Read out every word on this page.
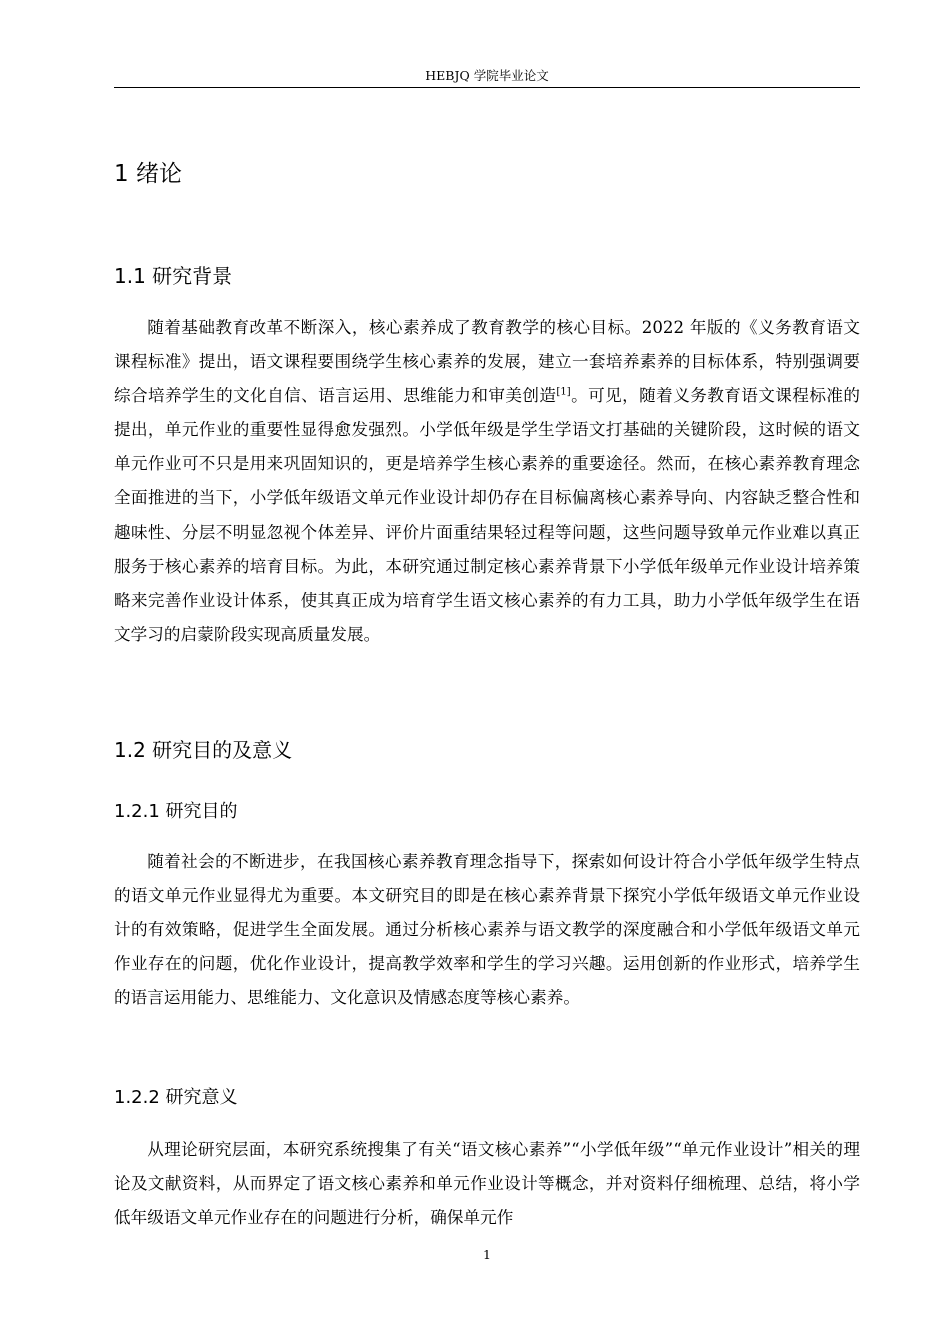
HEBJQ 学院毕业论文
1 绪论
1.1 研究背景

随着基础教育改革不断深入，核心素养成了教育教学的核心目标。2022 年版的《义务教育语文课程标准》提出，语文课程要围绕学生核心素养的发展，建立一套培养素养的目标体系，特别强调要综合培养学生的文化自信、语言运用、思维能力和审美创造[1]。可见，随着义务教育语文课程标准的提出，单元作业的重要性显得愈发强烈。小学低年级是学生学语文打基础的关键阶段，这时候的语文单元作业可不只是用来巩固知识的，更是培养学生核心素养的重要途径。然而，在核心素养教育理念全面推进的当下，小学低年级语文单元作业设计却仍存在目标偏离核心素养导向、内容缺乏整合性和趣味性、分层不明显忽视个体差异、评价片面重结果轻过程等问题，这些问题导致单元作业难以真正服务于核心素养的培育目标。为此，本研究通过制定核心素养背景下小学低年级单元作业设计培养策略来完善作业设计体系，使其真正成为培育学生语文核心素养的有力工具，助力小学低年级学生在语文学习的启蒙阶段实现高质量发展。

1.2 研究目的及意义
1.2.1 研究目的

随着社会的不断进步，在我国核心素养教育理念指导下，探索如何设计符合小学低年级学生特点的语文单元作业显得尤为重要。本文研究目的即是在核心素养背景下探究小学低年级语文单元作业设计的有效策略，促进学生全面发展。通过分析核心素养与语文教学的深度融合和小学低年级语文单元作业存在的问题，优化作业设计，提高教学效率和学生的学习兴趣。运用创新的作业形式，培养学生的语言运用能力、思维能力、文化意识及情感态度等核心素养。

1.2.2 研究意义

从理论研究层面，本研究系统搜集了有关“语文核心素养”“小学低年级”“单元作业设计”相关的理论及文献资料，从而界定了语文核心素养和单元作业设计等概念，并对资料仔细梳理、总结，将小学低年级语文单元作业存在的问题进行分析，确保单元作

1
